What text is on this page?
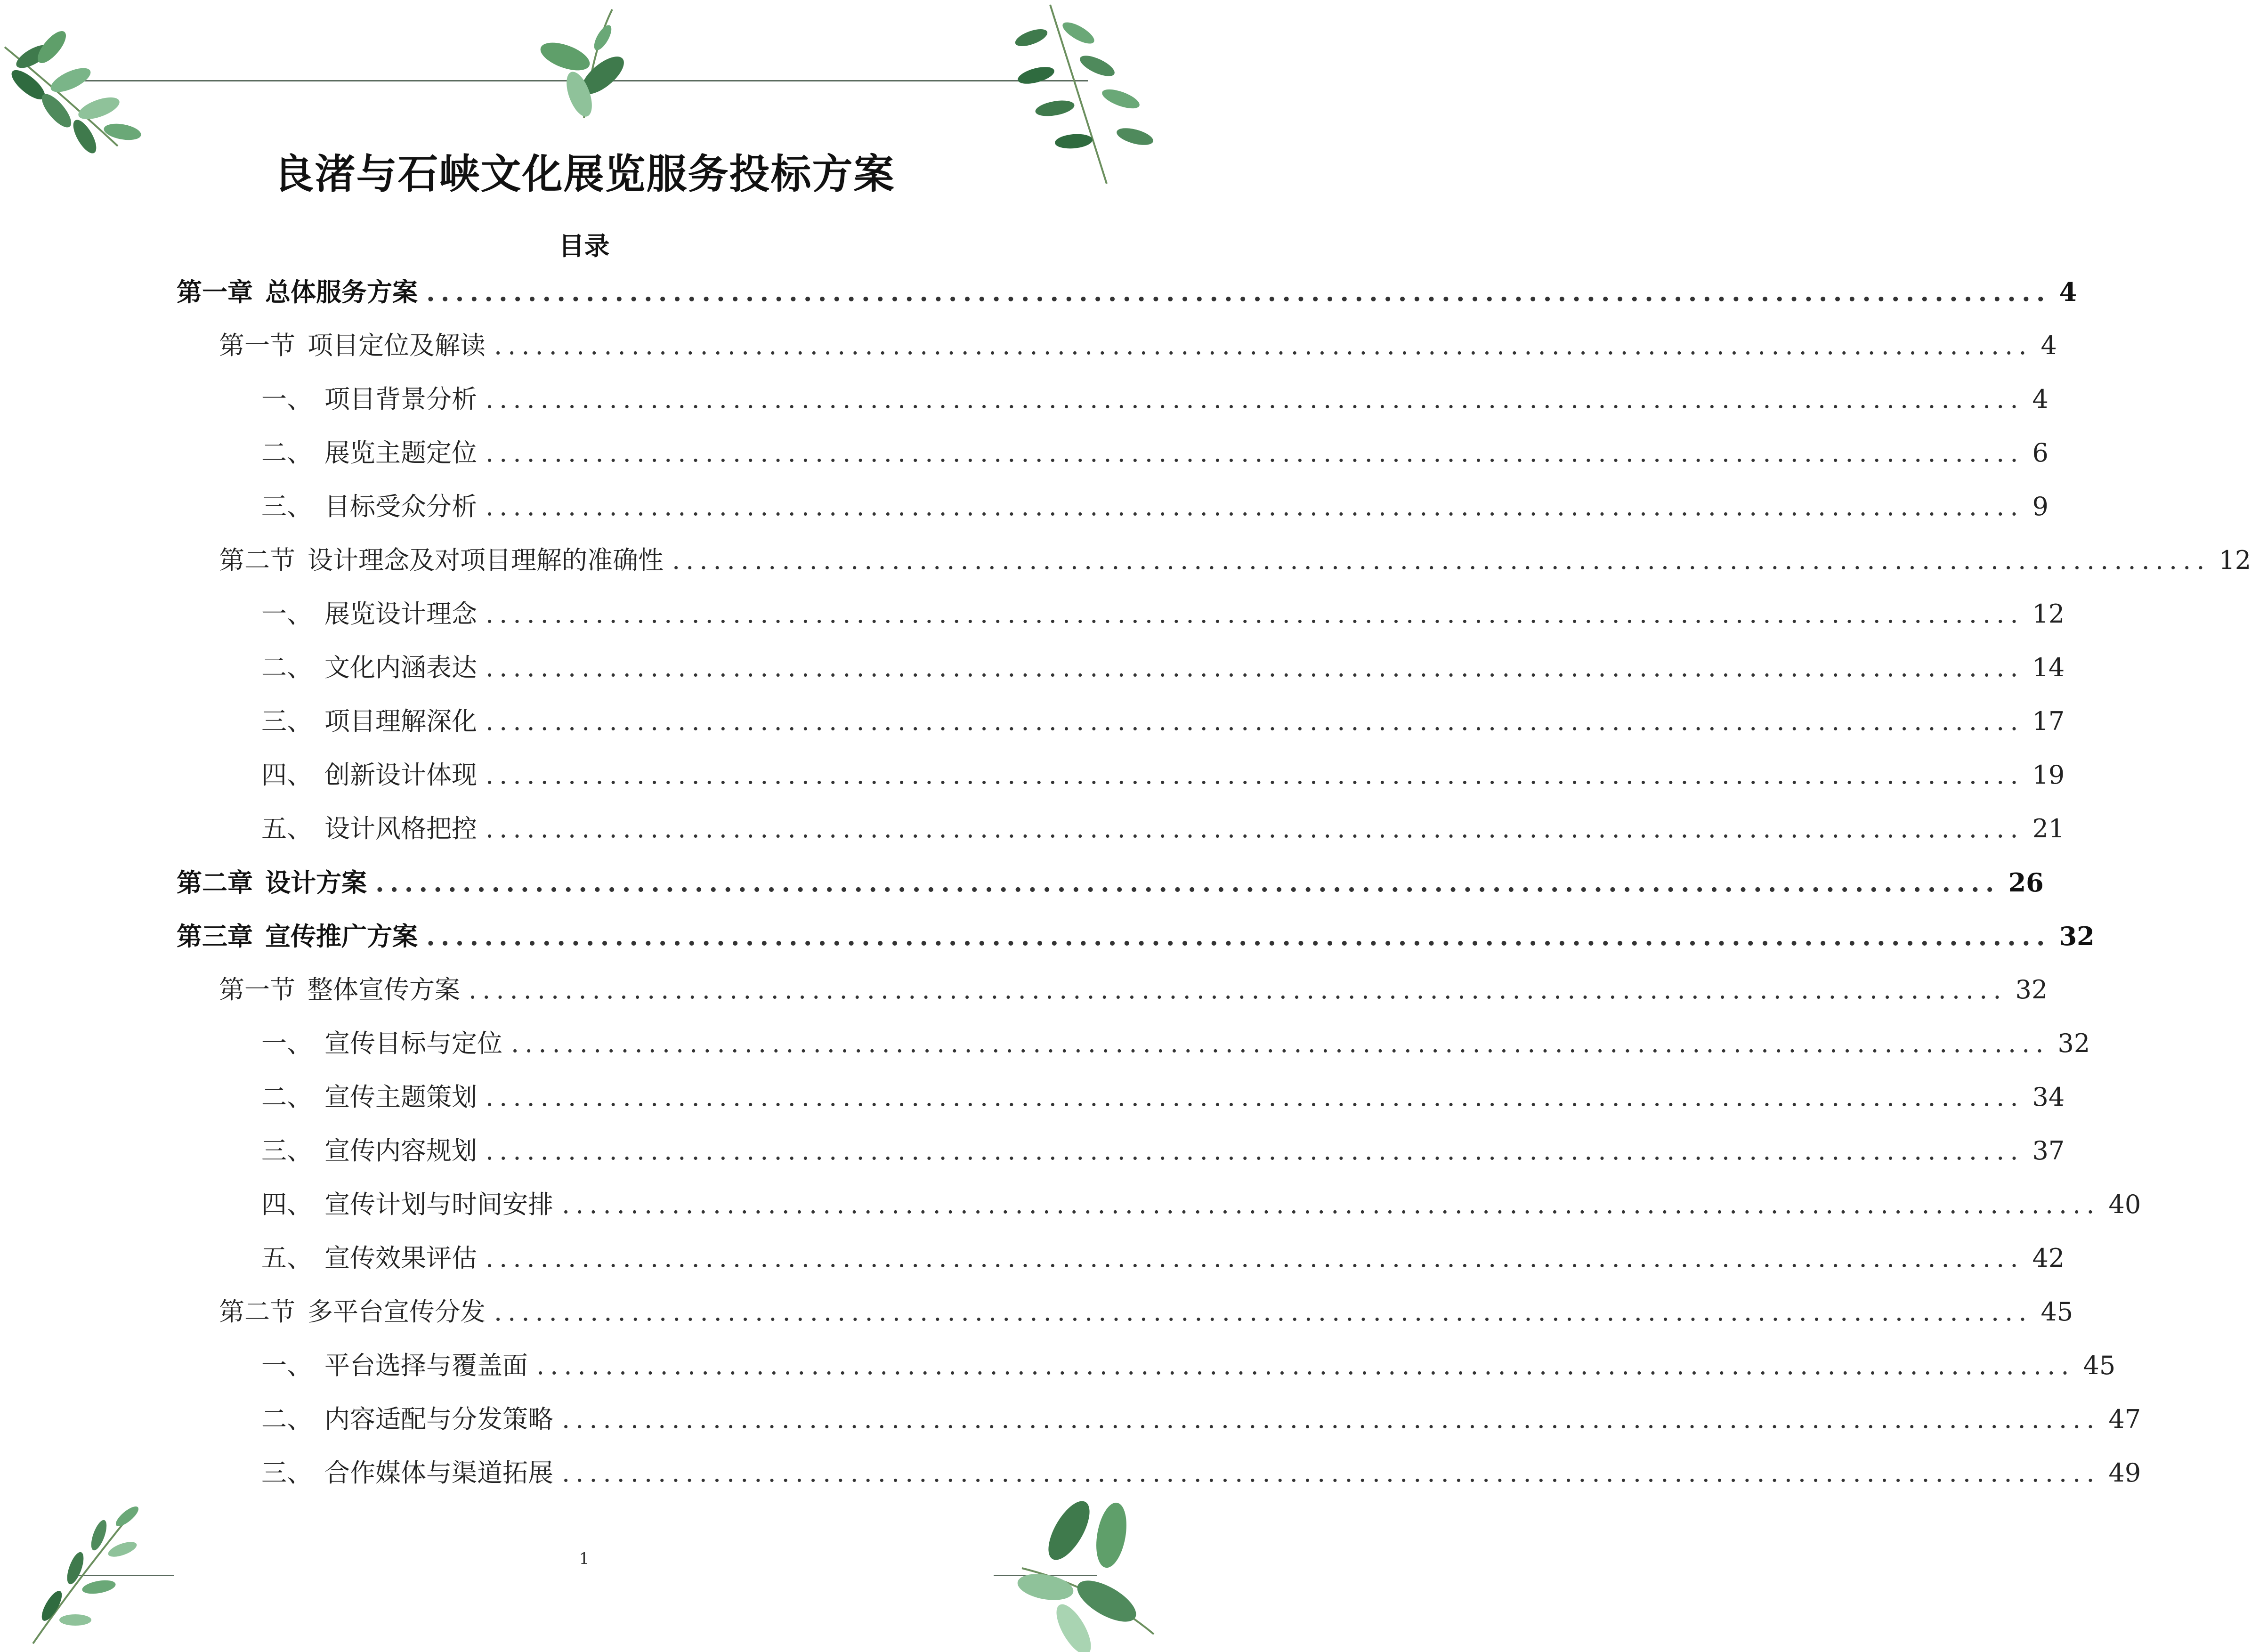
良渚与石峡文化展览服务投标方案
目录
第一章 总体服务方案 ................................................................................................................ 4
第一节 项目定位及解读 ................................................................................................................ 4
一、 项目背景分析 ................................................................................................................ 4
二、 展览主题定位 ................................................................................................................ 6
三、 目标受众分析 ................................................................................................................ 9
第二节 设计理念及对项目理解的准确性 ................................................................................................................ 12
一、 展览设计理念 ................................................................................................................ 12
二、 文化内涵表达 ................................................................................................................ 14
三、 项目理解深化 ................................................................................................................ 17
四、 创新设计体现 ................................................................................................................ 19
五、 设计风格把控 ................................................................................................................ 21
第二章 设计方案 ................................................................................................................ 26
第三章 宣传推广方案 ................................................................................................................ 32
第一节 整体宣传方案 ................................................................................................................ 32
一、 宣传目标与定位 ................................................................................................................ 32
二、 宣传主题策划 ................................................................................................................ 34
三、 宣传内容规划 ................................................................................................................ 37
四、 宣传计划与时间安排 ................................................................................................................ 40
五、 宣传效果评估 ................................................................................................................ 42
第二节 多平台宣传分发 ................................................................................................................ 45
一、 平台选择与覆盖面 ................................................................................................................ 45
二、 内容适配与分发策略 ................................................................................................................ 47
三、 合作媒体与渠道拓展 ................................................................................................................ 49
1
